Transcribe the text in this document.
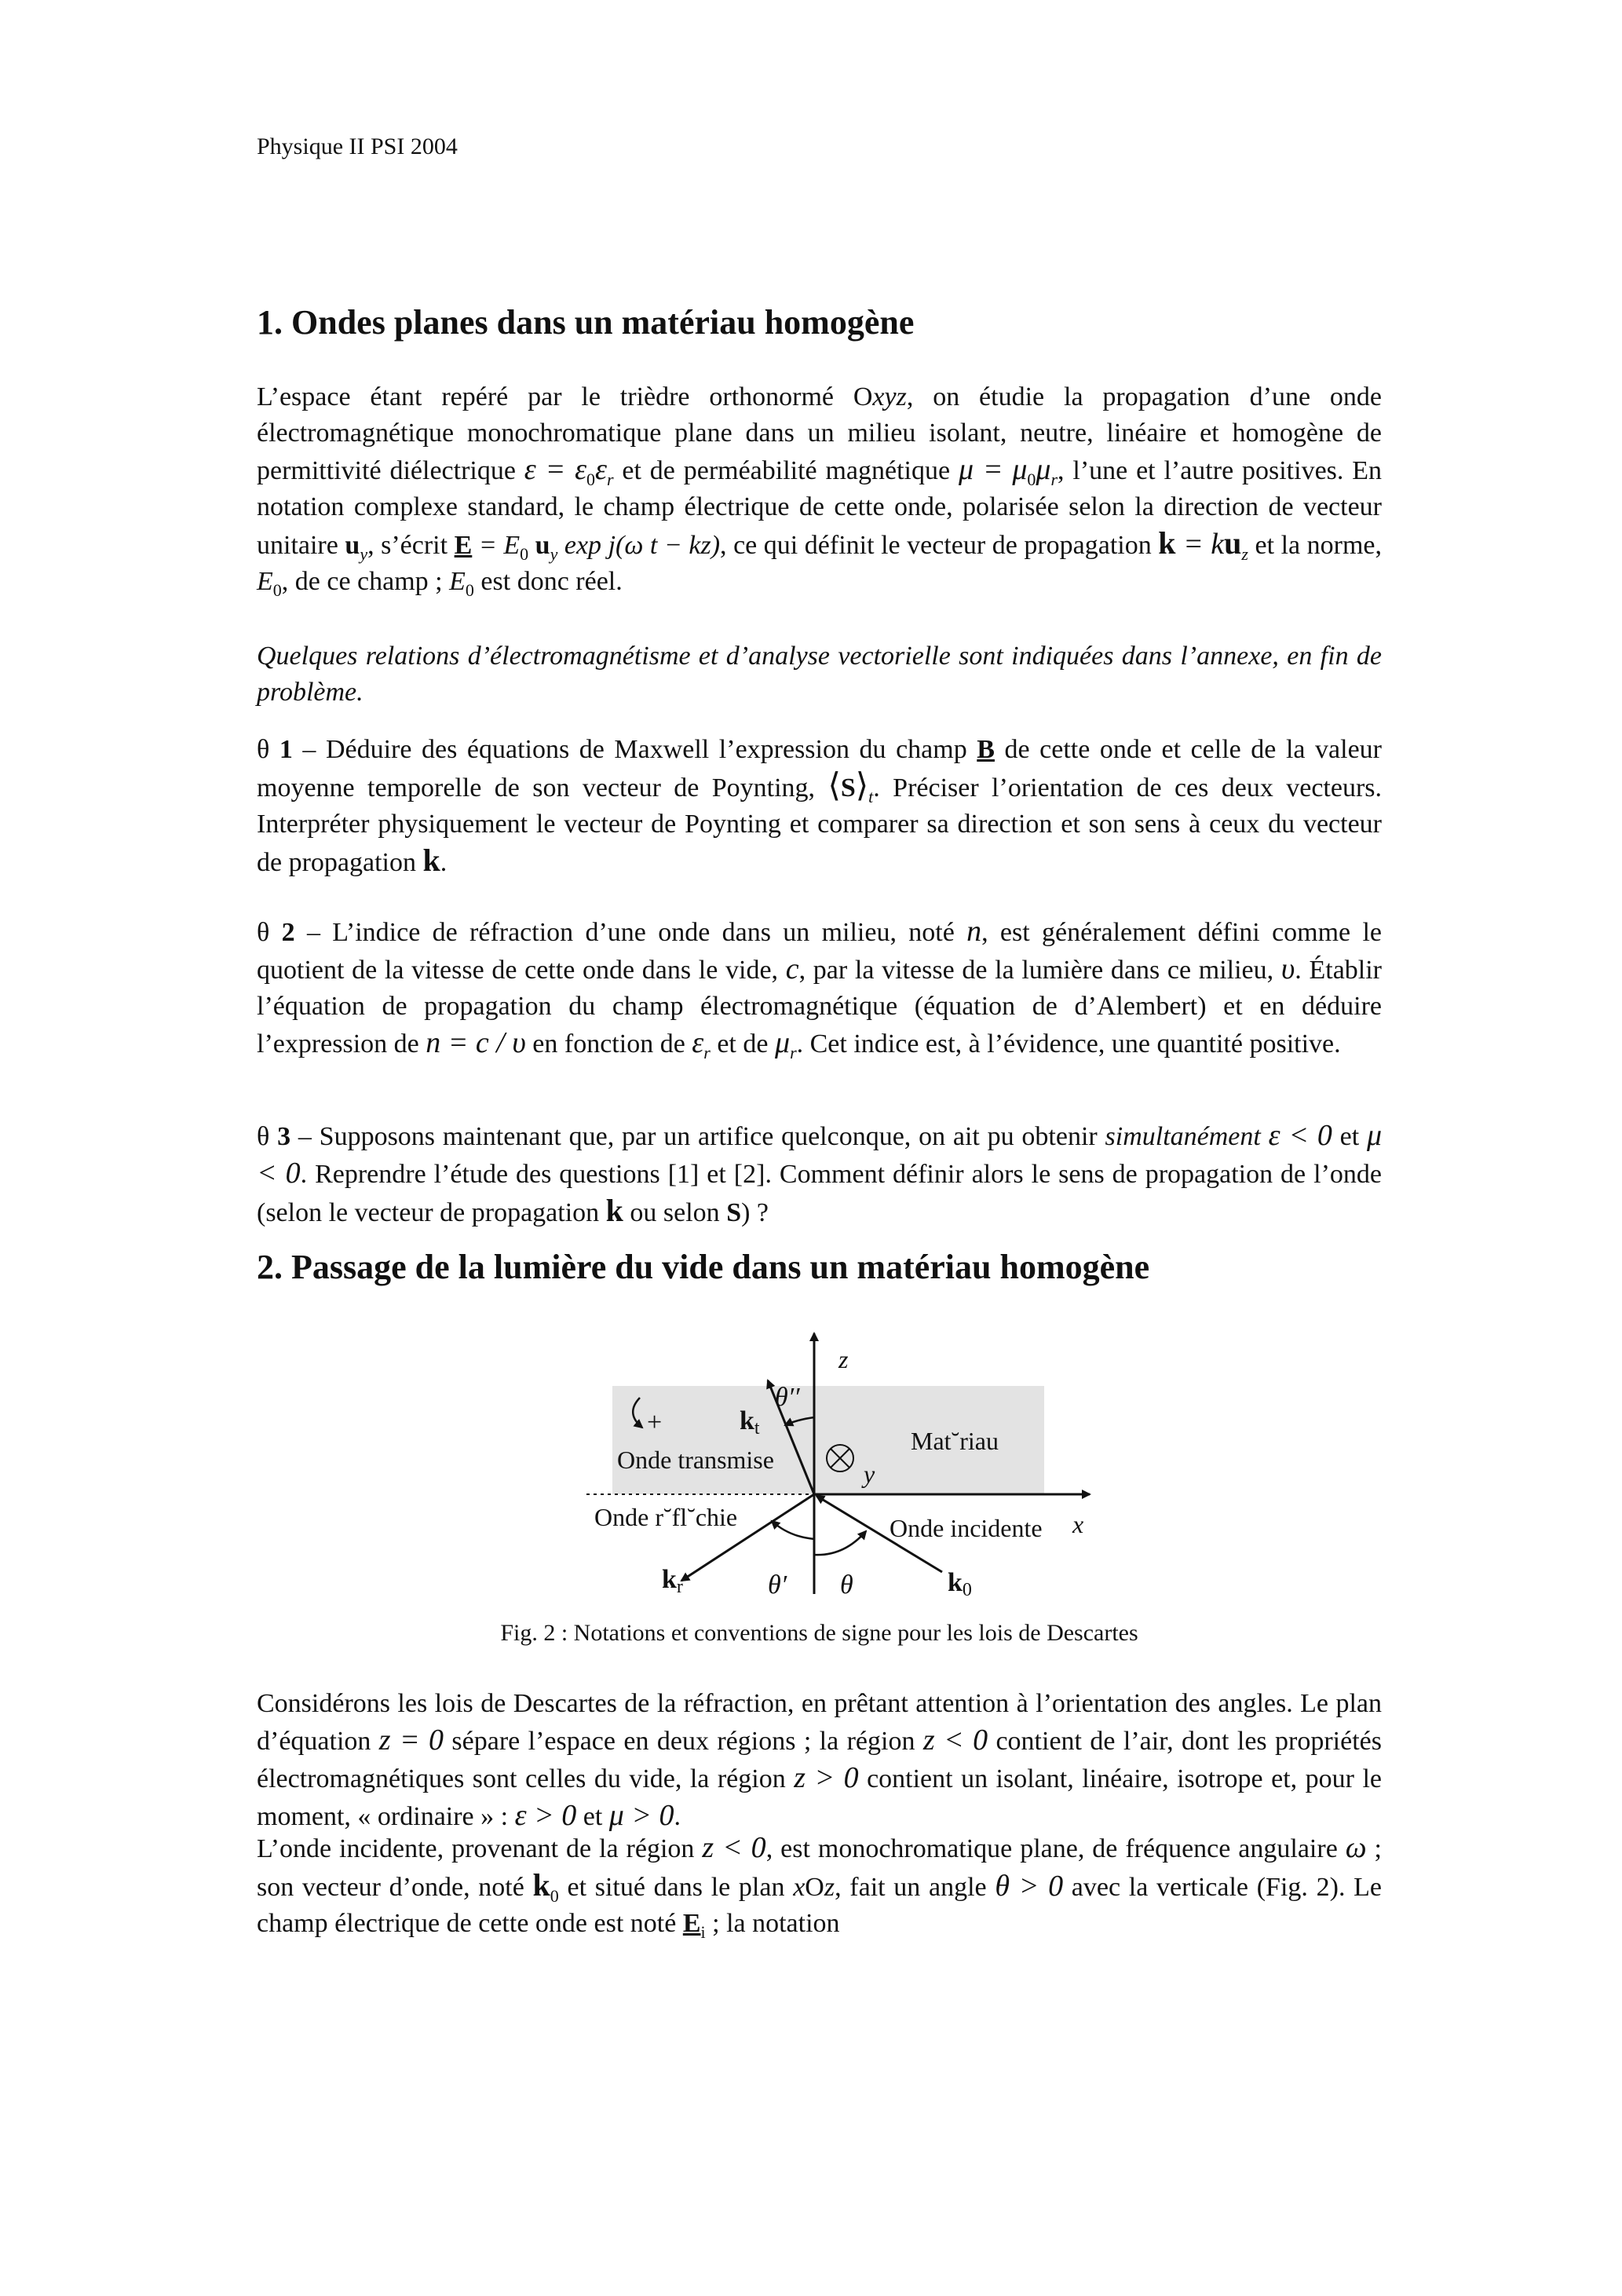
Physique II PSI 2004
1. Ondes planes dans un matériau homogène

L’espace étant repéré par le trièdre orthonormé Oxyz, on étudie la propagation d’une onde électromagnétique monochromatique plane dans un milieu isolant, neutre, linéaire et homogène de permittivité diélectrique $\varepsilon = \varepsilon_0\varepsilon_r$ et de perméabilité magnétique $\mu = \mu_0\mu_r$, l’une et l’autre positives. En notation complexe standard, le champ électrique de cette onde, polarisée selon la direction de vecteur unitaire $u_y$, s’écrit $E = E_0$ $u_y$ exp j(ω t − kz), ce qui définit le vecteur de propagation $k = ku_z$ et la norme, $E_0$, de ce champ ; $E_0$ est donc réel.

Quelques relations d’électromagnétisme et d’analyse vectorielle sont indiquées dans l’annexe, en fin de problème.

θ 1 – Déduire des équations de Maxwell l’expression du champ B de cette onde et celle de la valeur moyenne temporelle de son vecteur de Poynting, $⟨S⟩_t$. Préciser l’orientation de ces deux vecteurs. Interpréter physiquement le vecteur de Poynting et comparer sa direction et son sens à ceux du vecteur de propagation k.

θ 2 – L’indice de réfraction d’une onde dans un milieu, noté n, est généralement défini comme le quotient de la vitesse de cette onde dans le vide, c, par la vitesse de la lumière dans ce milieu, υ. Établir l’équation de propagation du champ électromagnétique (équation de d’Alembert) et en déduire l’expression de n = c / υ en fonction de $\varepsilon_r$ et de $\mu_r$. Cet indice est, à l’évidence, une quantité positive.

θ 3 – Supposons maintenant que, par un artifice quelconque, on ait pu obtenir simultanément ε < 0 et μ < 0. Reprendre l’étude des questions [1] et [2]. Comment définir alors le sens de propagation de l’onde (selon le vecteur de propagation k ou selon S) ?

2. Passage de la lumière du vide dans un matériau homogène
z
x
y
θ′′
+	kt	Mat˘riau
Onde transmise
Onde r˘fl˘chie	Onde incidente
kr	θ′ θ	k0
Fig. 2 : Notations et conventions de signe pour les lois de Descartes

Considérons les lois de Descartes de la réfraction, en prêtant attention à l’orientation des angles. Le plan d’équation z = 0 sépare l’espace en deux régions ; la région z < 0 contient de l’air, dont les propriétés électromagnétiques sont celles du vide, la région z > 0 contient un isolant, linéaire, isotrope et, pour le moment, « ordinaire » : ε > 0 et μ > 0.

L’onde incidente, provenant de la région z < 0, est monochromatique plane, de fréquence angulaire ω ; son vecteur d’onde, noté $k_0$ et situé dans le plan xOz, fait un angle θ > 0 avec la verticale (Fig. 2). Le champ électrique de cette onde est noté $E_i$ ; la notation
